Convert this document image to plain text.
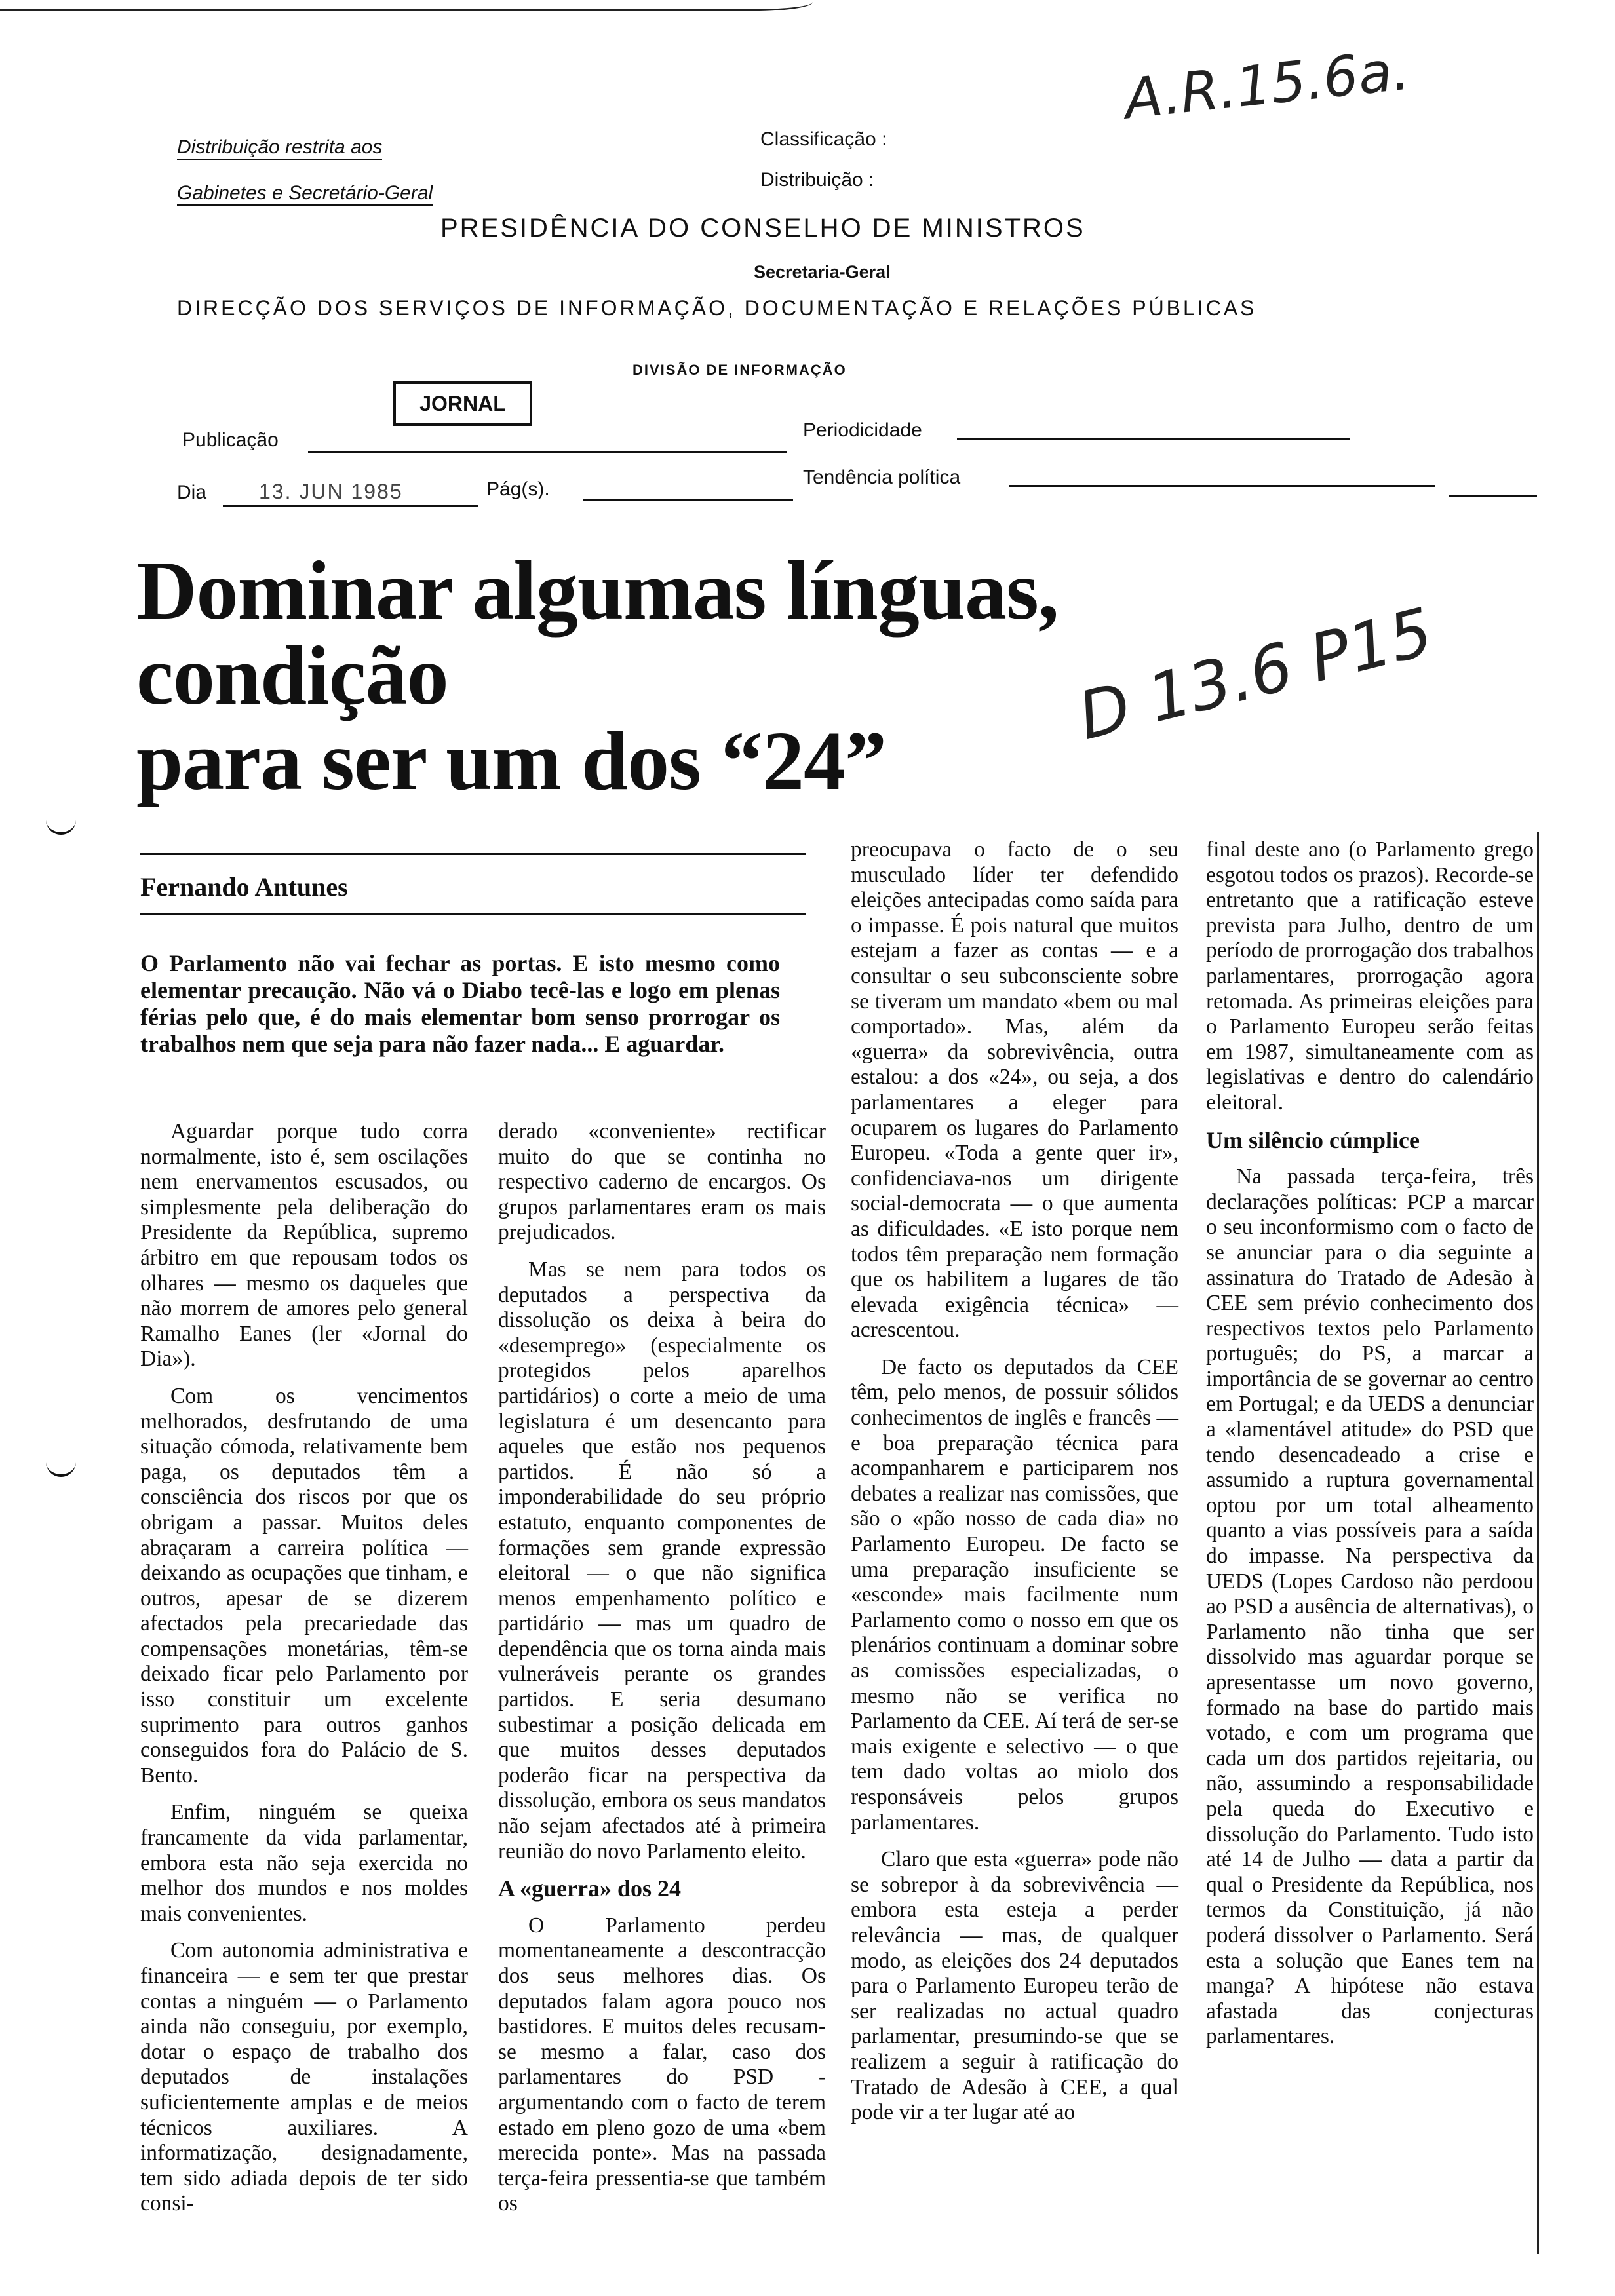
Distribuição restrita aos
Gabinetes e Secretário-Geral
Classificação :
Distribuição :
PRESIDÊNCIA DO CONSELHO DE MINISTROS
Secretaria-Geral
DIRECÇÃO DOS SERVIÇOS DE INFORMAÇÃO, DOCUMENTAÇÃO E RELAÇÕES PÚBLICAS
DIVISÃO DE INFORMAÇÃO
JORNAL
Publicação	Periodicidade
Dia 13. JUN 1985	Pág(s).
Tendência política
A.R.15.6a.
Dominar algumas línguas,
condição
para ser um dos “24”
D 13.6 P15
Fernando Antunes
O Parlamento não vai fechar as portas. E isto mesmo como elementar precaução. Não vá o Diabo tecê-las e logo em plenas férias pelo que, é do mais elementar bom senso prorrogar os trabalhos nem que seja para não fazer nada... E aguardar.

Aguardar porque tudo corra normalmente, isto é, sem oscilações nem enervamentos escusados, ou simplesmente pela deliberação do Presidente da República, supremo árbitro em que repousam todos os olhares — mesmo os daqueles que não morrem de amores pelo general Ramalho Eanes (ler «Jornal do Dia»).

Com os vencimentos melhorados, desfrutando de uma situação cómoda, relativamente bem paga, os deputados têm a consciência dos riscos por que os obrigam a passar. Muitos deles abraçaram a carreira política — deixando as ocupações que tinham, e outros, apesar de se dizerem afectados pela precariedade das compensações monetárias, têm-se deixado ficar pelo Parlamento por isso constituir um excelente suprimento para outros ganhos conseguidos fora do Palácio de S. Bento.

Enfim, ninguém se queixa francamente da vida parlamentar, embora esta não seja exercida no melhor dos mundos e nos moldes mais convenientes.

Com autonomia administrativa e financeira — e sem ter que prestar contas a ninguém — o Parlamento ainda não conseguiu, por exemplo, dotar o espaço de trabalho dos deputados de instalações suficientemente amplas e de meios técnicos auxiliares. A informatização, designadamente, tem sido adiada depois de ter sido consi-

derado «conveniente» rectificar muito do que se continha no respectivo caderno de encargos. Os grupos parlamentares eram os mais prejudicados.

Mas se nem para todos os deputados a perspectiva da dissolução os deixa à beira do «desemprego» (especialmente os protegidos pelos aparelhos partidários) o corte a meio de uma legislatura é um desencanto para aqueles que estão nos pequenos partidos. É não só a imponderabilidade do seu próprio estatuto, enquanto componentes de formações sem grande expressão eleitoral — o que não significa menos empenhamento político e partidário — mas um quadro de dependência que os torna ainda mais vulneráveis perante os grandes partidos. E seria desumano subestimar a posição delicada em que muitos desses deputados poderão ficar na perspectiva da dissolução, embora os seus mandatos não sejam afectados até à primeira reunião do novo Parlamento eleito.

A «guerra» dos 24

O Parlamento perdeu momentaneamente a descontracção dos seus melhores dias. Os deputados falam agora pouco nos bastidores. E muitos deles recusam-se mesmo a falar, caso dos parlamentares do PSD - argumentando com o facto de terem estado em pleno gozo de uma «bem merecida ponte». Mas na passada terça-feira pressentia-se que também os

preocupava o facto de o seu musculado líder ter defendido eleições antecipadas como saída para o impasse. É pois natural que muitos estejam a fazer as contas — e a consultar o seu subconsciente sobre se tiveram um mandato «bem ou mal comportado». Mas, além da «guerra» da sobrevivência, outra estalou: a dos «24», ou seja, a dos parlamentares a eleger para ocuparem os lugares do Parlamento Europeu. «Toda a gente quer ir», confidenciava-nos um dirigente social-democrata — o que aumenta as dificuldades. «E isto porque nem todos têm preparação nem formação que os habilitem a lugares de tão elevada exigência técnica» — acrescentou.

De facto os deputados da CEE têm, pelo menos, de possuir sólidos conhecimentos de inglês e francês — e boa preparação técnica para acompanharem e participarem nos debates a realizar nas comissões, que são o «pão nosso de cada dia» no Parlamento Europeu. De facto se uma preparação insuficiente se «esconde» mais facilmente num Parlamento como o nosso em que os plenários continuam a dominar sobre as comissões especializadas, o mesmo não se verifica no Parlamento da CEE. Aí terá de ser-se mais exigente e selectivo — o que tem dado voltas ao miolo dos responsáveis pelos grupos parlamentares.

Claro que esta «guerra» pode não se sobrepor à da sobrevivência — embora esta esteja a perder relevância — mas, de qualquer modo, as eleições dos 24 deputados para o Parlamento Europeu terão de ser realizadas no actual quadro parlamentar, presumindo-se que se realizem a seguir à ratificação do Tratado de Adesão à CEE, a qual pode vir a ter lugar até ao

final deste ano (o Parlamento grego esgotou todos os prazos). Recorde-se entretanto que a ratificação esteve prevista para Julho, dentro de um período de prorrogação dos trabalhos parlamentares, prorrogação agora retomada. As primeiras eleições para o Parlamento Europeu serão feitas em 1987, simultaneamente com as legislativas e dentro do calendário eleitoral.

Um silêncio cúmplice

Na passada terça-feira, três declarações políticas: PCP a marcar o seu inconformismo com o facto de se anunciar para o dia seguinte a assinatura do Tratado de Adesão à CEE sem prévio conhecimento dos respectivos textos pelo Parlamento português; do PS, a marcar a importância de se governar ao centro em Portugal; e da UEDS a denunciar a «lamentável atitude» do PSD que tendo desencadeado a crise e assumido a ruptura governamental optou por um total alheamento quanto a vias possíveis para a saída do impasse. Na perspectiva da UEDS (Lopes Cardoso não perdoou ao PSD a ausência de alternativas), o Parlamento não tinha que ser dissolvido mas aguardar porque se apresentasse um novo governo, formado na base do partido mais votado, e com um programa que cada um dos partidos rejeitaria, ou não, assumindo a responsabilidade pela queda do Executivo e dissolução do Parlamento. Tudo isto até 14 de Julho — data a partir da qual o Presidente da República, nos termos da Constituição, já não poderá dissolver o Parlamento. Será esta a solução que Eanes tem na manga? A hipótese não estava afastada das conjecturas parlamentares.
